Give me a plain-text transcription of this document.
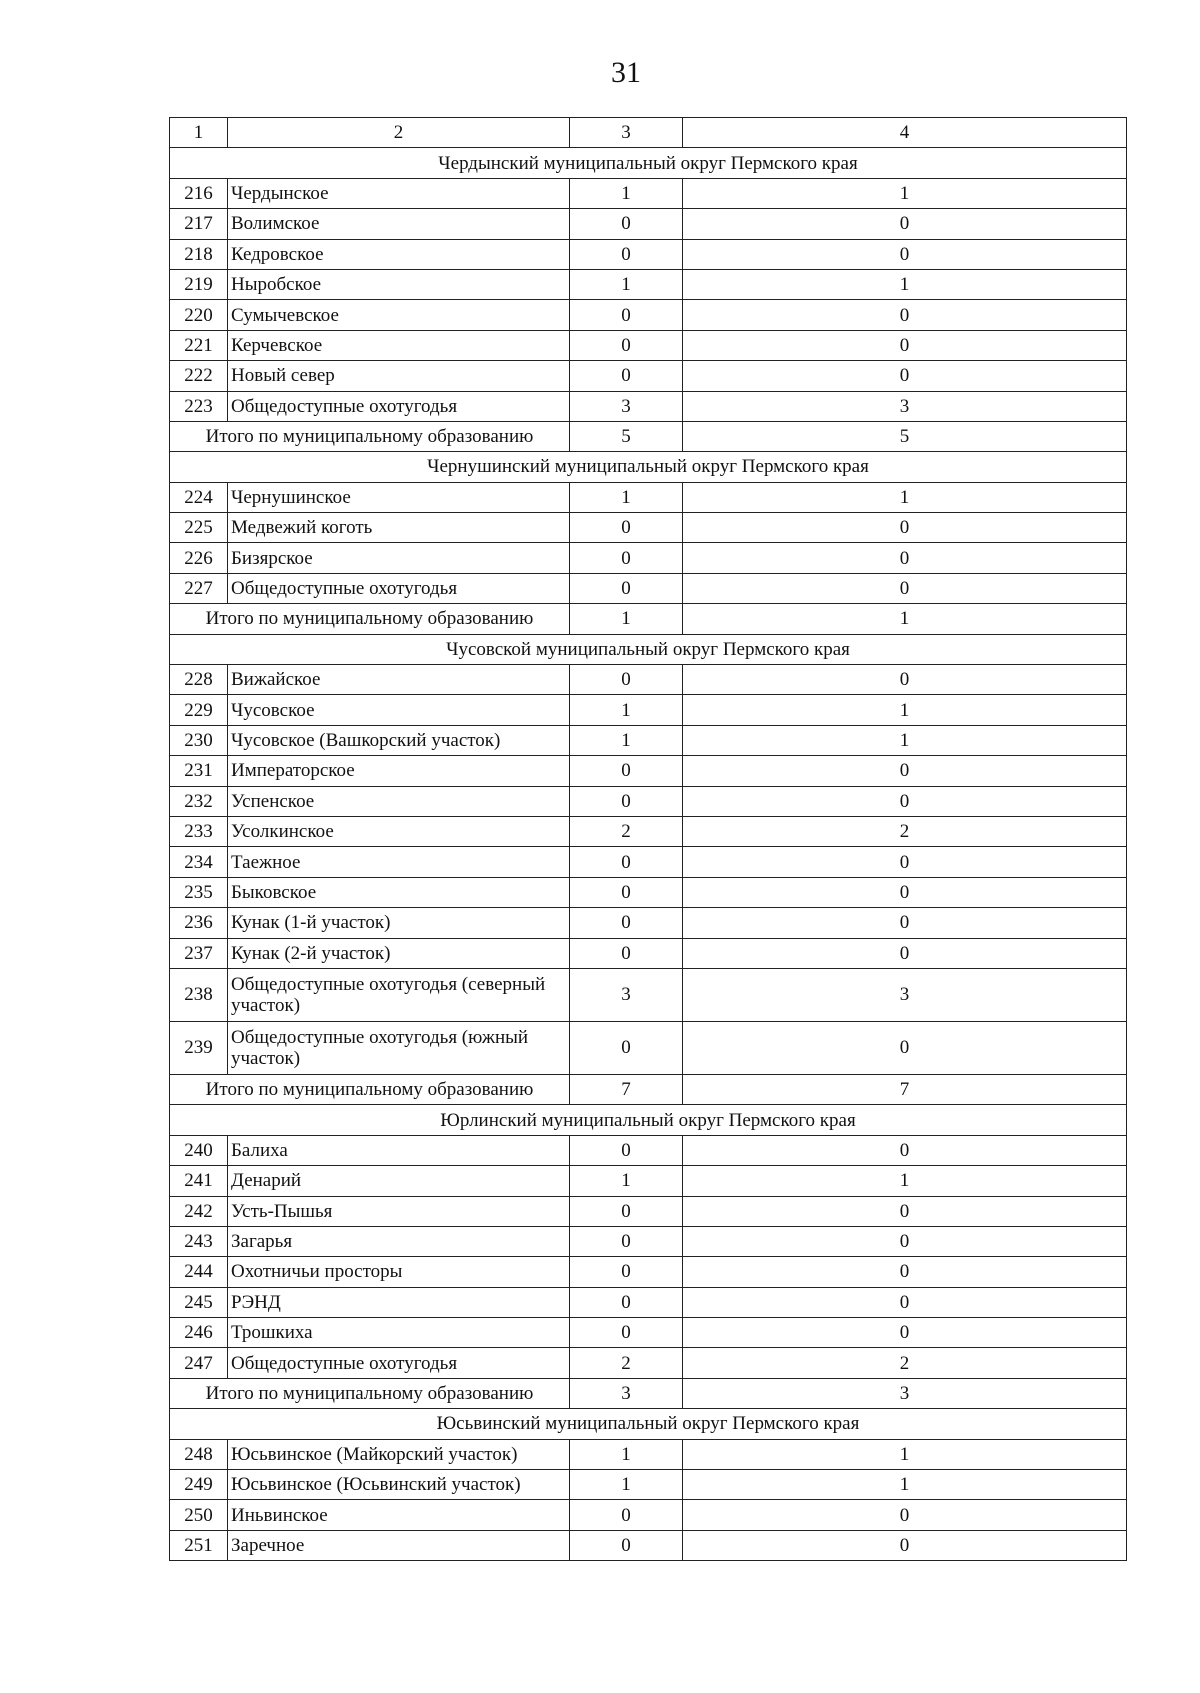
31
1	2	3	4
Чердынский муниципальный округ Пермского края			
216	Чердынское	1	1
217	Волимское	0	0
218	Кедровское	0	0
219	Ныробское	1	1
220	Сумычевское	0	0
221	Керчевское	0	0
222	Новый север	0	0
223	Общедоступные охотугодья	3	3
Итого по муниципальному образованию		5	5
Чернушинский муниципальный округ Пермского края			
224	Чернушинское	1	1
225	Медвежий коготь	0	0
226	Бизярское	0	0
227	Общедоступные охотугодья	0	0
Итого по муниципальному образованию		1	1
Чусовской муниципальный округ Пермского края			
228	Вижайское	0	0
229	Чусовское	1	1
230	Чусовское (Вашкорский участок)	1	1
231	Императорское	0	0
232	Успенское	0	0
233	Усолкинское	2	2
234	Таежное	0	0
235	Быковское	0	0
236	Кунак (1-й участок)	0	0
237	Кунак (2-й участок)	0	0
238	Общедоступные охотугодья (северный участок)	3	3
239	Общедоступные охотугодья (южный участок)	0	0
Итого по муниципальному образованию		7	7
Юрлинский муниципальный округ Пермского края			
240	Балиха	0	0
241	Денарий	1	1
242	Усть-Пышья	0	0
243	Загарья	0	0
244	Охотничьи просторы	0	0
245	РЭНД	0	0
246	Трошкиха	0	0
247	Общедоступные охотугодья	2	2
Итого по муниципальному образованию		3	3
Юсьвинский муниципальный округ Пермского края			
248	Юсьвинское (Майкорский участок)	1	1
249	Юсьвинское (Юсьвинский участок)	1	1
250	Иньвинское	0	0
251	Заречное	0	0
